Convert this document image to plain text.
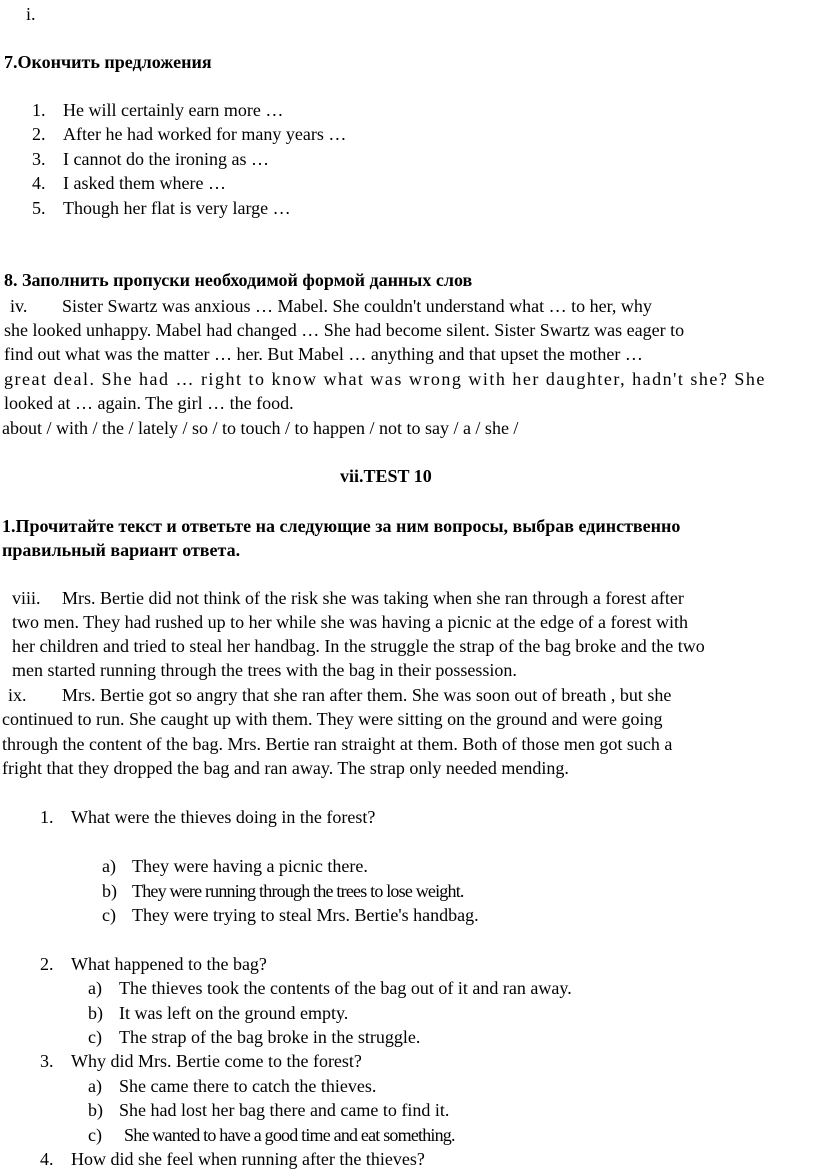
i.
7.Окончить предложения
1. He will certainly earn more …
2. After he had worked for many years …
3. I cannot do the ironing as …
4. I asked them where …
5. Though her flat is very large …
8. Заполнить пропуски необходимой формой данных слов
iv. Sister Swartz was anxious … Mabel. She couldn't understand what … to her, why
she looked unhappy. Mabel had changed … She had become silent. Sister Swartz was eager to
find out what was the matter … her. But Mabel … anything and that upset the mother …
great deal. She had … right to know what was wrong with her daughter, hadn't she? She
looked at … again. The girl … the food.
about / with / the / lately / so / to touch / to happen / not to say / a / she /
vii.TEST 10
1.Прочитайте текст и ответьте на следующие за ним вопросы, выбрав единственно
правильный вариант ответа.
viii. Mrs. Bertie did not think of the risk she was taking when she ran through a forest after
two men. They had rushed up to her while she was having a picnic at the edge of a forest with
her children and tried to steal her handbag. In the struggle the strap of the bag broke and the two
men started running through the trees with the bag in their possession.
ix. Mrs. Bertie got so angry that she ran after them. She was soon out of breath , but she
continued to run. She caught up with them. They were sitting on the ground and were going
through the content of the bag. Mrs. Bertie ran straight at them. Both of those men got such a
fright that they dropped the bag and ran away. The strap only needed mending.
1. What were the thieves doing in the forest?
a) They were having a picnic there.
b) They were running through the trees to lose weight.
c) They were trying to steal Mrs. Bertie's handbag.
2. What happened to the bag?
a) The thieves took the contents of the bag out of it and ran away.
b) It was left on the ground empty.
c) The strap of the bag broke in the struggle.
3. Why did Mrs. Bertie come to the forest?
a) She came there to catch the thieves.
b) She had lost her bag there and came to find it.
c) She wanted to have a good time and eat something.
4. How did she feel when running after the thieves?
